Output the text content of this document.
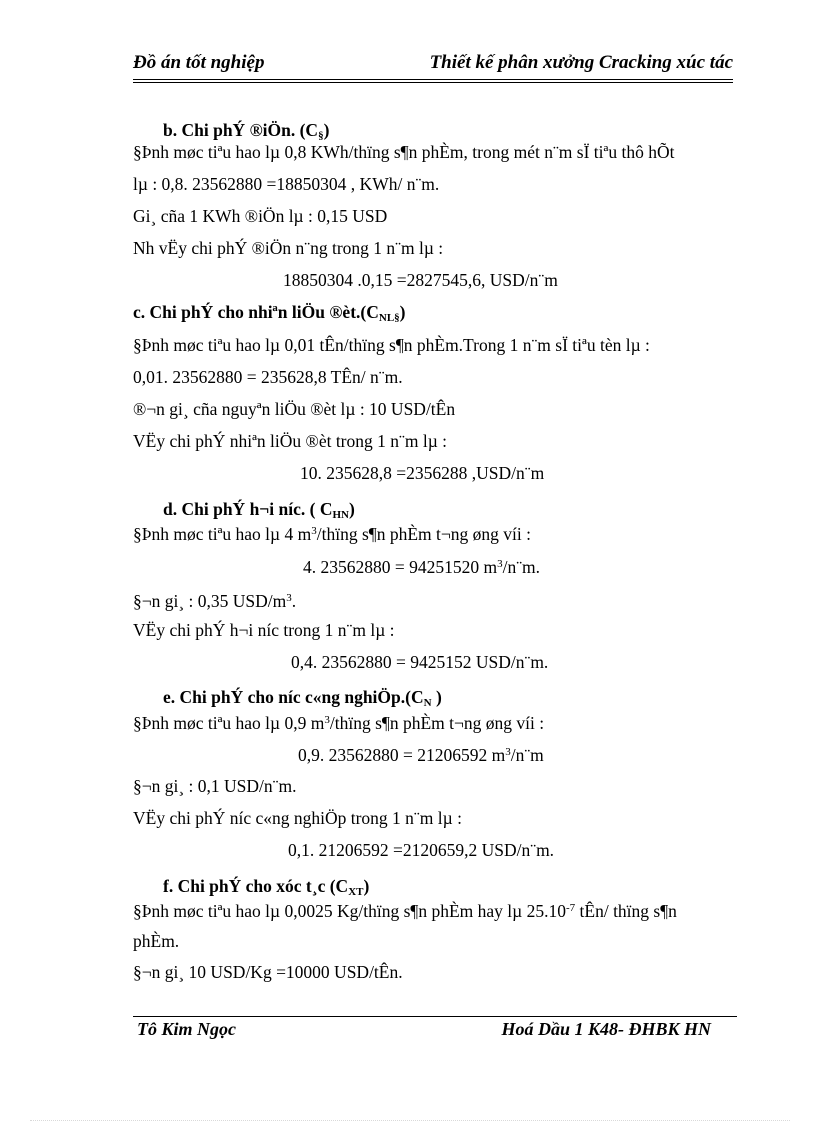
Đồ án tốt nghiệp	Thiết kế phân xưởng Cracking xúc tác
b. Chi phÝ ®iÖn. $(C_\S)$
§Þnh møc tiªu hao lµ 0,8 KWh/thïng s¶n phÈm, trong mét n¨m sÏ tiªu thô hÕt
lµ : 0,8. 23562880 =18850304 , KWh/ n¨m.
Gi¸ cña 1 KWh ®iÖn lµ : 0,15 USD
Nh vËy chi phÝ ®iÖn n¨ng trong 1 n¨m lµ :
18850304 .0,15 =2827545,6, USD/n¨m
c. Chi phÝ cho nhiªn liÖu $®èt.(C_{NL\S})$
§Þnh møc tiªu hao lµ 0,01 tÊn/thïng s¶n phÈm.Trong 1 n¨m sÏ tiªu tèn lµ :
0,01. 23562880 = 235628,8 TÊn/ n¨m.
®¬n gi¸ cña nguyªn liÖu ®èt lµ : 10 USD/tÊn
VËy chi phÝ nhiªn liÖu ®èt trong 1 n¨m lµ :
10. 235628,8 =2356288 ,USD/n¨m
d. Chi phÝ h¬i níc. ( $C_{HN}$)
§Þnh møc tiªu hao lµ 4 $m^3$/thïng s¶n phÈm t¬ng øng víi :
4. 23562880 = 94251520 $m^3/n¨m$.
§¬n gi¸ : 0,35 USD/$m^3$.
VËy chi phÝ h¬i níc trong 1 n¨m lµ :
0,4. 23562880 = 9425152 USD/n¨m.
e. Chi phÝ cho níc c«ng $nghiÖp.(C_N$ )
§Þnh møc tiªu hao lµ 0,9 $m^3$/thïng s¶n phÈm t¬ng øng víi :
0,9. 23562880 = 21206592 $m^3/n¨m$
§¬n gi¸ : 0,1 USD/n¨m.
VËy chi phÝ níc c«ng nghiÖp trong 1 n¨m lµ :
0,1. 21206592 =2120659,2 USD/n¨m.
f. Chi phÝ cho xóc t¸c $(C_{XT})$
§Þnh møc tiªu hao lµ 0,0025 Kg/thïng s¶n phÈm hay lµ $25.10^{-7}$ tÊn/ thïng s¶n
phÈm.
§¬n gi¸ 10 USD/Kg =10000 USD/tÊn.
Tô Kim Ngọc	Hoá Dầu 1 K48- ĐHBK HN
